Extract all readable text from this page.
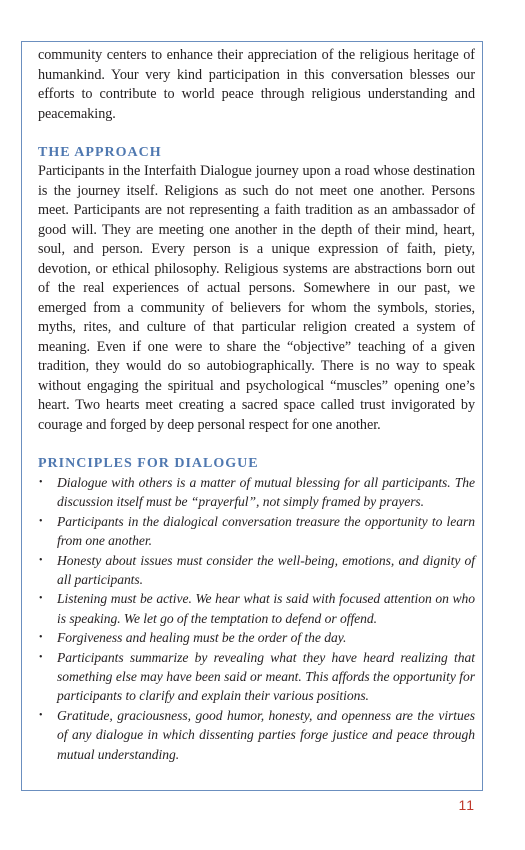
community centers to enhance their appreciation of the religious heritage of humankind. Your very kind participation in this conversation blesses our efforts to contribute to world peace through religious understanding and peacemaking.

THE APPROACH

Participants in the Interfaith Dialogue journey upon a road whose destination is the journey itself. Religions as such do not meet one another. Persons meet. Participants are not representing a faith tradition as an ambassador of good will. They are meeting one another in the depth of their mind, heart, soul, and person. Every person is a unique expression of faith, piety, devotion, or ethical philosophy. Religious systems are abstractions born out of the real experiences of actual persons. Somewhere in our past, we emerged from a community of believers for whom the symbols, stories, myths, rites, and culture of that particular religion created a system of meaning. Even if one were to share the “objective” teaching of a given tradition, they would do so autobiographically. There is no way to speak without engaging the spiritual and psychological “muscles” opening one’s heart. Two hearts meet creating a sacred space called trust invigorated by courage and forged by deep personal respect for one another.

PRINCIPLES FOR DIALOGUE
• Dialogue with others is a matter of mutual blessing for all participants. The discussion itself must be “prayerful”, not simply framed by prayers.
• Participants in the dialogical conversation treasure the opportunity to learn from one another.
• Honesty about issues must consider the well-being, emotions, and dignity of all participants.
• Listening must be active. We hear what is said with focused attention on who is speaking. We let go of the temptation to defend or offend.
• Forgiveness and healing must be the order of the day.
• Participants summarize by revealing what they have heard realizing that something else may have been said or meant. This affords the opportunity for participants to clarify and explain their various positions.
• Gratitude, graciousness, good humor, honesty, and openness are the virtues of any dialogue in which dissenting parties forge justice and peace through mutual understanding.
11
